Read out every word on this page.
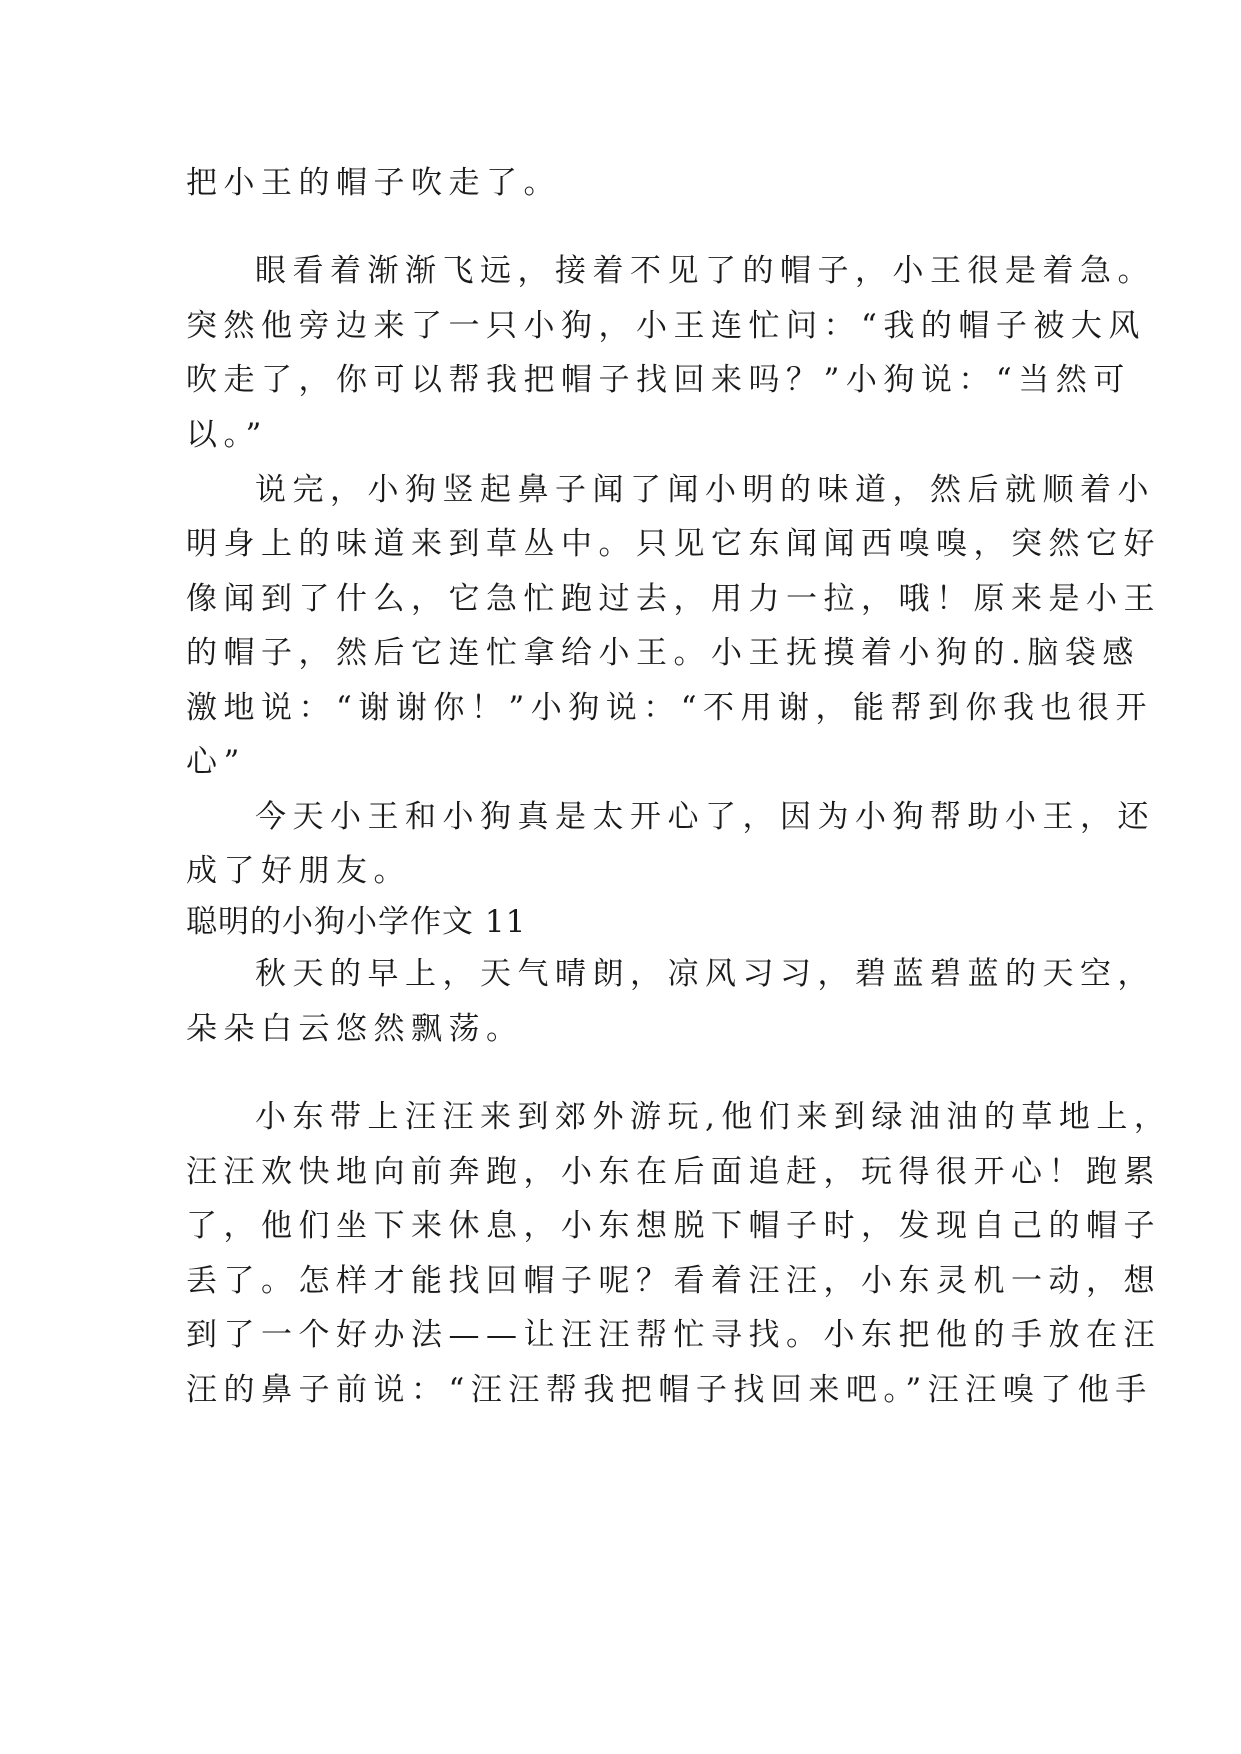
把小王的帽子吹走了。
眼看着渐渐飞远，接着不见了的帽子，小王很是着急。
突然他旁边来了一只小狗，小王连忙问：“我的帽子被大风
吹走了，你可以帮我把帽子找回来吗？”小狗说：“当然可
以。”
说完，小狗竖起鼻子闻了闻小明的味道，然后就顺着小
明身上的味道来到草丛中。只见它东闻闻西嗅嗅，突然它好
像闻到了什么，它急忙跑过去，用力一拉，哦！原来是小王
的帽子，然后它连忙拿给小王。小王抚摸着小狗的.脑袋感
激地说：“谢谢你！”小狗说：“不用谢，能帮到你我也很开
心”
今天小王和小狗真是太开心了，因为小狗帮助小王，还
成了好朋友。
聪明的小狗小学作文 11
秋天的早上，天气晴朗，凉风习习，碧蓝碧蓝的天空，
朵朵白云悠然飘荡。
小东带上汪汪来到郊外游玩,他们来到绿油油的草地上，
汪汪欢快地向前奔跑，小东在后面追赶，玩得很开心！跑累
了，他们坐下来休息，小东想脱下帽子时，发现自己的帽子
丢了。怎样才能找回帽子呢？看着汪汪，小东灵机一动，想
到了一个好办法——让汪汪帮忙寻找。小东把他的手放在汪
汪的鼻子前说：“汪汪帮我把帽子找回来吧。”汪汪嗅了他手
